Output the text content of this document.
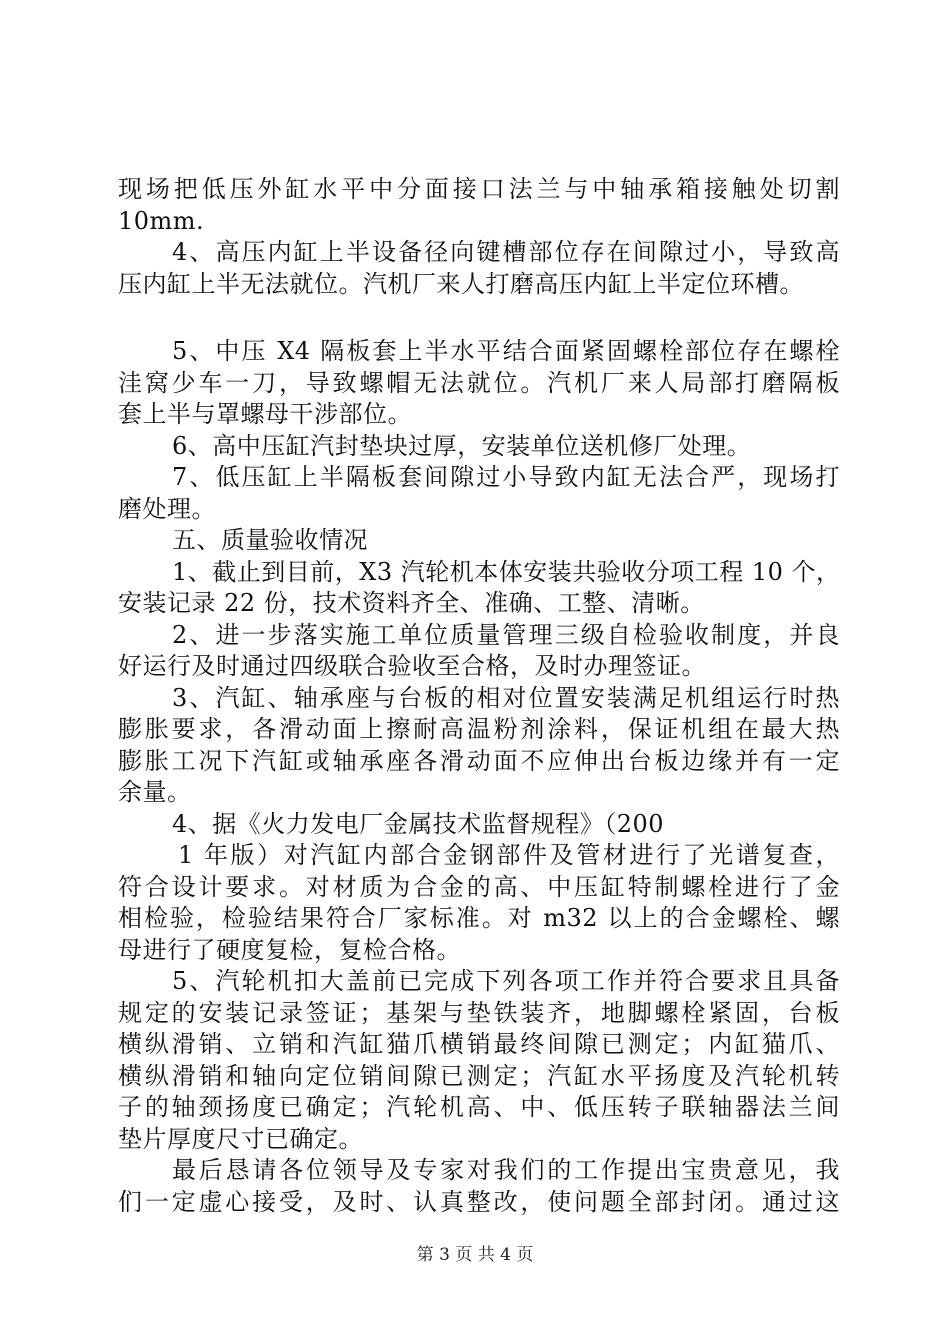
现场把低压外缸水平中分面接口法兰与中轴承箱接触处切割
10mm.
4、高压内缸上半设备径向键槽部位存在间隙过小，导致高
压内缸上半无法就位。汽机厂来人打磨高压内缸上半定位环槽。
5、中压 X4 隔板套上半水平结合面紧固螺栓部位存在螺栓
洼窝少车一刀，导致螺帽无法就位。汽机厂来人局部打磨隔板
套上半与罩螺母干涉部位。
6、高中压缸汽封垫块过厚，安装单位送机修厂处理。
7、低压缸上半隔板套间隙过小导致内缸无法合严，现场打
磨处理。
五、质量验收情况
1、截止到目前，X3 汽轮机本体安装共验收分项工程 10 个，
安装记录 22 份，技术资料齐全、准确、工整、清晰。
2、进一步落实施工单位质量管理三级自检验收制度，并良
好运行及时通过四级联合验收至合格，及时办理签证。
3、汽缸、轴承座与台板的相对位置安装满足机组运行时热
膨胀要求，各滑动面上擦耐高温粉剂涂料，保证机组在最大热
膨胀工况下汽缸或轴承座各滑动面不应伸出台板边缘并有一定
余量。
4、据《火力发电厂金属技术监督规程》（200
1 年版）对汽缸内部合金钢部件及管材进行了光谱复查，
符合设计要求。对材质为合金的高、中压缸特制螺栓进行了金
相检验，检验结果符合厂家标准。对 m32 以上的合金螺栓、螺
母进行了硬度复检，复检合格。
5、汽轮机扣大盖前已完成下列各项工作并符合要求且具备
规定的安装记录签证；基架与垫铁装齐，地脚螺栓紧固，台板
横纵滑销、立销和汽缸猫爪横销最终间隙已测定；内缸猫爪、
横纵滑销和轴向定位销间隙已测定；汽缸水平扬度及汽轮机转
子的轴颈扬度已确定；汽轮机高、中、低压转子联轴器法兰间
垫片厚度尺寸已确定。
最后恳请各位领导及专家对我们的工作提出宝贵意见，我
们一定虚心接受，及时、认真整改，使问题全部封闭。通过这
第 3 页 共 4 页
